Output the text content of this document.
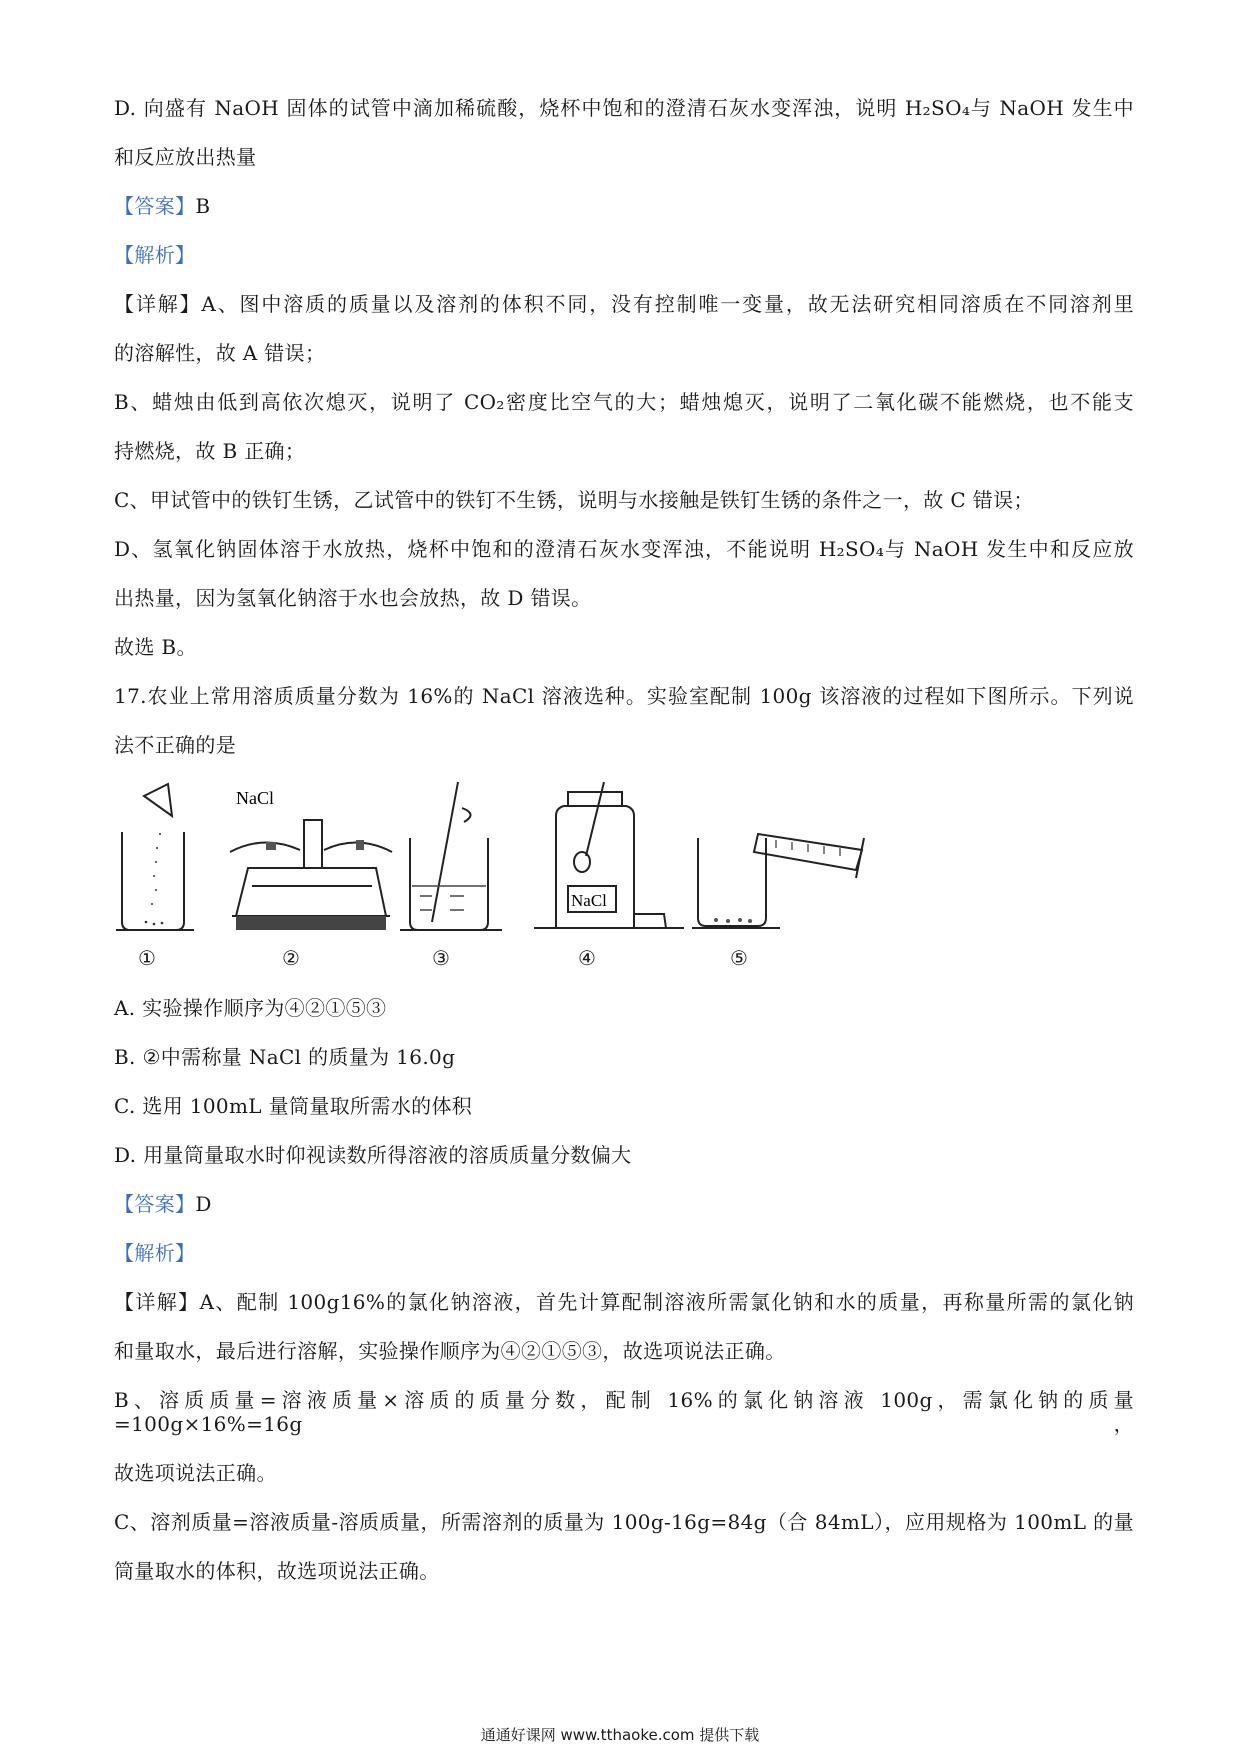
D. 向盛有 NaOH 固体的试管中滴加稀硫酸，烧杯中饱和的澄清石灰水变浑浊，说明 H₂SO₄与 NaOH 发生中
和反应放出热量
【答案】B
【解析】
【详解】A、图中溶质的质量以及溶剂的体积不同，没有控制唯一变量，故无法研究相同溶质在不同溶剂里
的溶解性，故 A 错误；
B、蜡烛由低到高依次熄灭，说明了 CO₂密度比空气的大；蜡烛熄灭，说明了二氧化碳不能燃烧，也不能支
持燃烧，故 B 正确；
C、甲试管中的铁钉生锈，乙试管中的铁钉不生锈，说明与水接触是铁钉生锈的条件之一，故 C 错误；
D、氢氧化钠固体溶于水放热，烧杯中饱和的澄清石灰水变浑浊，不能说明 H₂SO₄与 NaOH 发生中和反应放
出热量，因为氢氧化钠溶于水也会放热，故 D 错误。
故选 B。
17.农业上常用溶质质量分数为 16%的 NaCl 溶液选种。实验室配制 100g 该溶液的过程如下图所示。下列说
法不正确的是
NaCl
NaCl
①	②	③	④	⑤
A. 实验操作顺序为④②①⑤③
B. ②中需称量 NaCl 的质量为 16.0g
C. 选用 100mL 量筒量取所需水的体积
D. 用量筒量取水时仰视读数所得溶液的溶质质量分数偏大
【答案】D
【解析】
【详解】A、配制 100g16%的氯化钠溶液，首先计算配制溶液所需氯化钠和水的质量，再称量所需的氯化钠
和量取水，最后进行溶解，实验操作顺序为④②①⑤③，故选项说法正确。
B、溶质质量=溶液质量×溶质的质量分数，配制 16%的氯化钠溶液 100g，需氯化钠的质量=100g×16%=16g，
故选项说法正确。
C、溶剂质量=溶液质量-溶质质量，所需溶剂的质量为 100g-16g=84g（合 84mL），应用规格为 100mL 的量
筒量取水的体积，故选项说法正确。
通通好课网 www.tthaoke.com 提供下载
